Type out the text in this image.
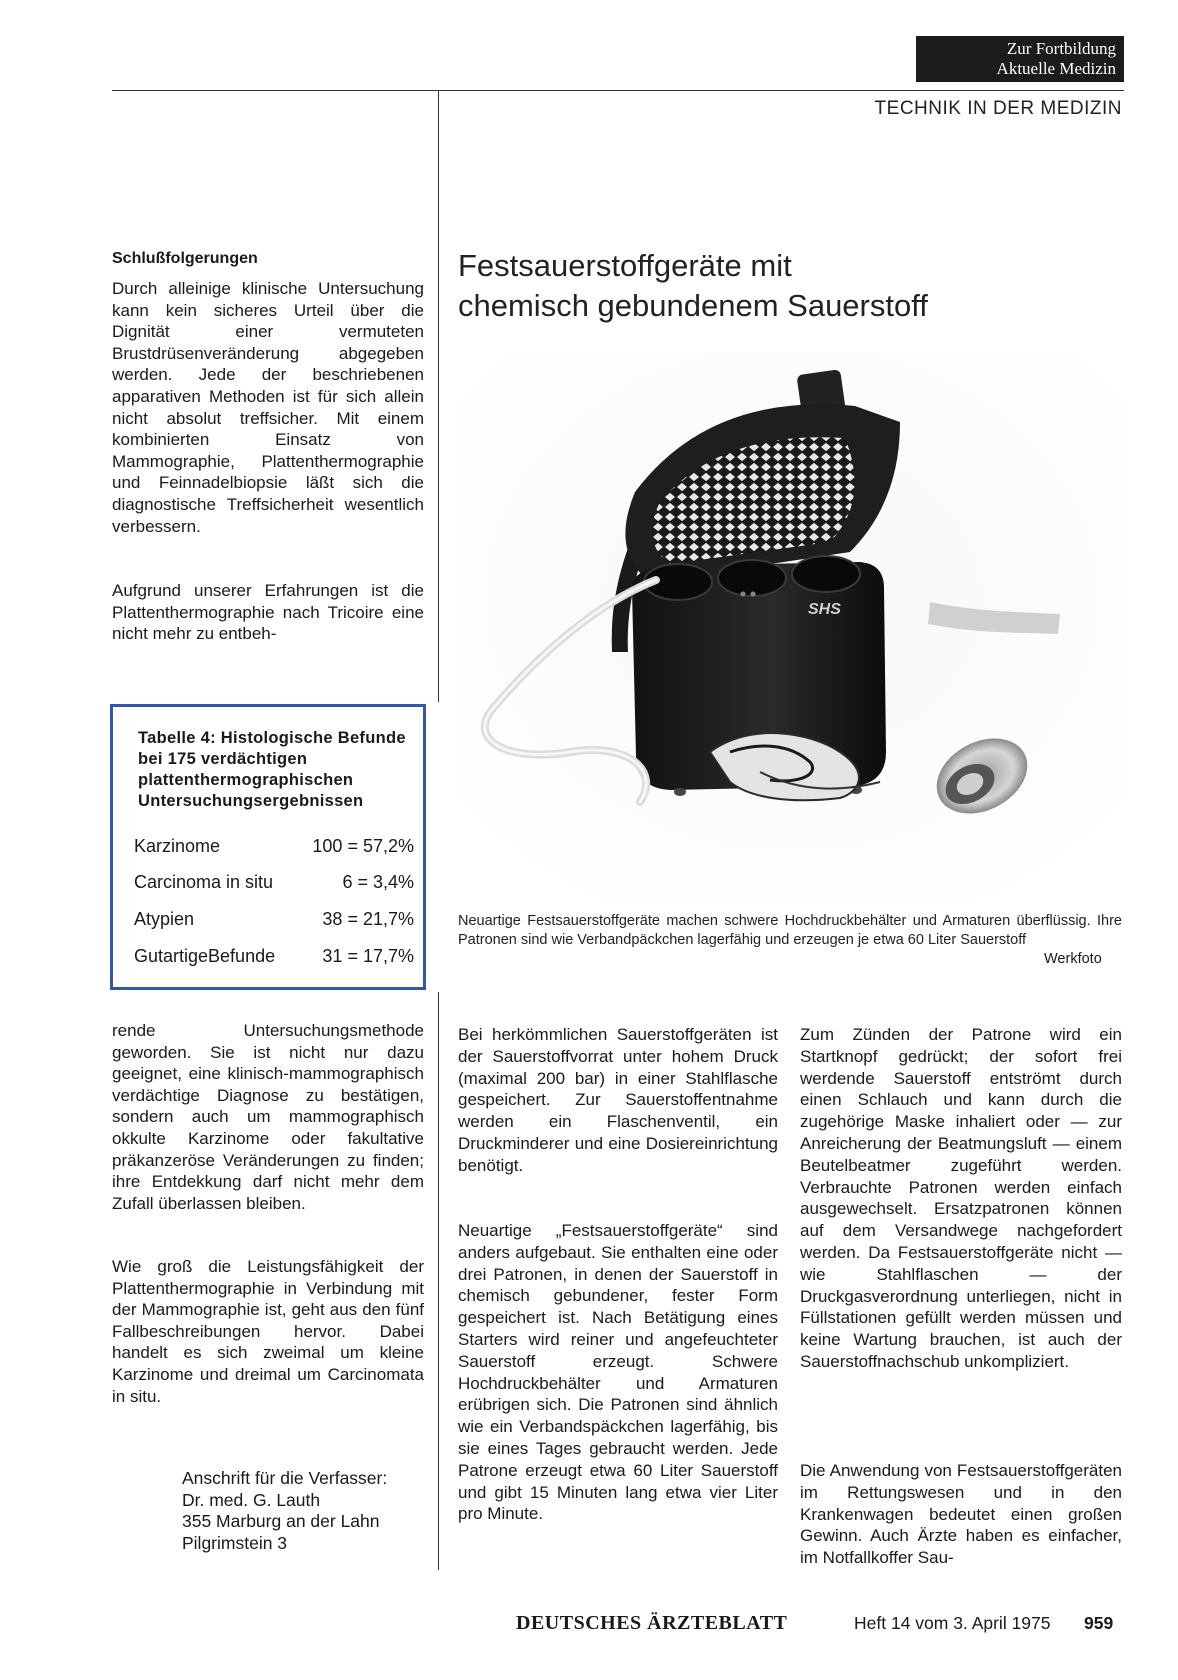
Zur Fortbildung
Aktuelle Medizin
TECHNIK IN DER MEDIZIN
Schlußfolgerungen

Durch alleinige klinische Untersuchung kann kein sicheres Urteil über die Dignität einer vermuteten Brustdrüsenveränderung abgegeben werden. Jede der beschriebenen apparativen Methoden ist für sich allein nicht absolut treffsicher. Mit einem kombinierten Einsatz von Mammographie, Plattenthermographie und Feinnadelbiopsie läßt sich die diagnostische Treffsicherheit wesentlich verbessern.

Aufgrund unserer Erfahrungen ist die Plattenthermographie nach Tricoire eine nicht mehr zu entbeh-

Tabelle 4: Histologische Befunde bei 175 verdächtigen plattenthermographischen Untersuchungsergebnissen
Karzinome	100 = 57,2%
Carcinoma in situ	6 = 3,4%
Atypien	38 = 21,7%
GutartigeBefunde	31 = 17,7%

rende Untersuchungsmethode geworden. Sie ist nicht nur dazu geeignet, eine klinisch-mammographisch verdächtige Diagnose zu bestätigen, sondern auch um mammographisch okkulte Karzinome oder fakultative präkanzeröse Veränderungen zu finden; ihre Entdekkung darf nicht mehr dem Zufall überlassen bleiben.

Wie groß die Leistungsfähigkeit der Plattenthermographie in Verbindung mit der Mammographie ist, geht aus den fünf Fallbeschreibungen hervor. Dabei handelt es sich zweimal um kleine Karzinome und dreimal um Carcinomata in situ.

Anschrift für die Verfasser:
Dr. med. G. Lauth
355 Marburg an der Lahn
Pilgrimstein 3
Festsauerstoffgeräte mit
chemisch gebundenem Sauerstoff
SHS
Neuartige Festsauerstoffgeräte machen schwere Hochdruckbehälter und Armaturen überflüssig. Ihre Patronen sind wie Verbandpäckchen lagerfähig und erzeugen je etwa 60 Liter Sauerstoff
Werkfoto

Bei herkömmlichen Sauerstoffgeräten ist der Sauerstoffvorrat unter hohem Druck (maximal 200 bar) in einer Stahlflasche gespeichert. Zur Sauerstoffentnahme werden ein Flaschenventil, ein Druckminderer und eine Dosiereinrichtung benötigt.

Neuartige „Festsauerstoffgeräte“ sind anders aufgebaut. Sie enthalten eine oder drei Patronen, in denen der Sauerstoff in chemisch gebundener, fester Form gespeichert ist. Nach Betätigung eines Starters wird reiner und angefeuchteter Sauerstoff erzeugt. Schwere Hochdruckbehälter und Armaturen erübrigen sich. Die Patronen sind ähnlich wie ein Verbandspäckchen lagerfähig, bis sie eines Tages gebraucht werden. Jede Patrone erzeugt etwa 60 Liter Sauerstoff und gibt 15 Minuten lang etwa vier Liter pro Minute.

Zum Zünden der Patrone wird ein Startknopf gedrückt; der sofort frei werdende Sauerstoff entströmt durch einen Schlauch und kann durch die zugehörige Maske inhaliert oder — zur Anreicherung der Beatmungsluft — einem Beutelbeatmer zugeführt werden. Verbrauchte Patronen werden einfach ausgewechselt. Ersatzpatronen können auf dem Versandwege nachgefordert werden. Da Festsauerstoffgeräte nicht — wie Stahlflaschen — der Druckgasverordnung unterliegen, nicht in Füllstationen gefüllt werden müssen und keine Wartung brauchen, ist auch der Sauerstoffnachschub unkompliziert.

Die Anwendung von Festsauerstoffgeräten im Rettungswesen und in den Krankenwagen bedeutet einen großen Gewinn. Auch Ärzte haben es einfacher, im Notfallkoffer Sau-

DEUTSCHES ÄRZTEBLATT	Heft 14 vom 3. April 1975 959
